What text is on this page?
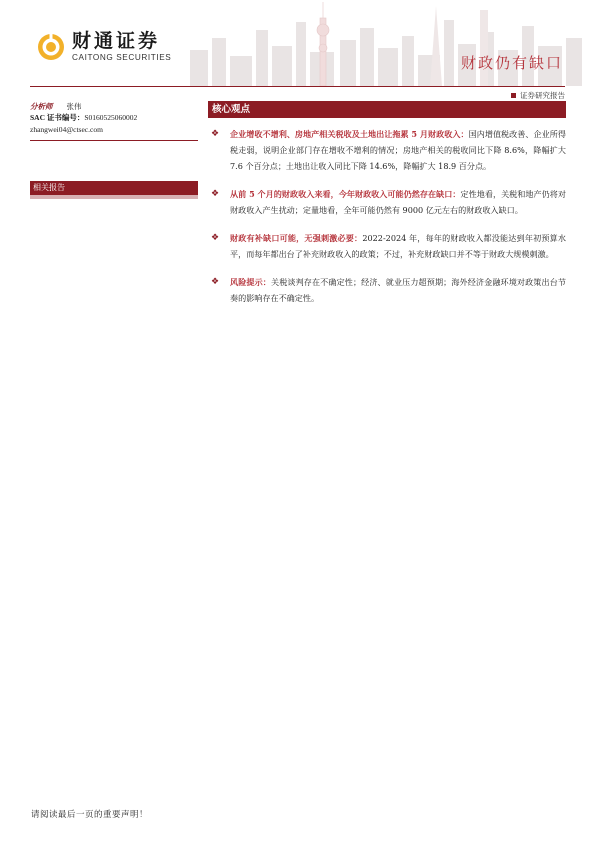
财通证券
CAITONG SECURITIES	财政仍有缺口
证券研究报告
分析师 张伟
SAC 证书编号：S0160525060002
zhangwei04@ctsec.com
相关报告
核心观点
❖	企业增收不增利、房地产相关税收及土地出让拖累 5 月财政收入：国内增值税改善、企业所得税走弱，说明企业部门存在增收不增利的情况；房地产相关的税收同比下降 8.6%，降幅扩大 7.6 个百分点；土地出让收入同比下降 14.6%，降幅扩大 18.9 百分点。

❖	从前 5 个月的财政收入来看，今年财政收入可能仍然存在缺口：定性地看，关税和地产仍将对财政收入产生扰动；定量地看，全年可能仍然有 9000 亿元左右的财政收入缺口。

❖	财政有补缺口可能，无强刺激必要：2022-2024 年，每年的财政收入都没能达到年初预算水平，而每年都出台了补充财政收入的政策；不过，补充财政缺口并不等于财政大规模刺激。

❖	风险提示：关税谈判存在不确定性；经济、就业压力超预期；海外经济金融环境对政策出台节奏的影响存在不确定性。

请阅读最后一页的重要声明！
